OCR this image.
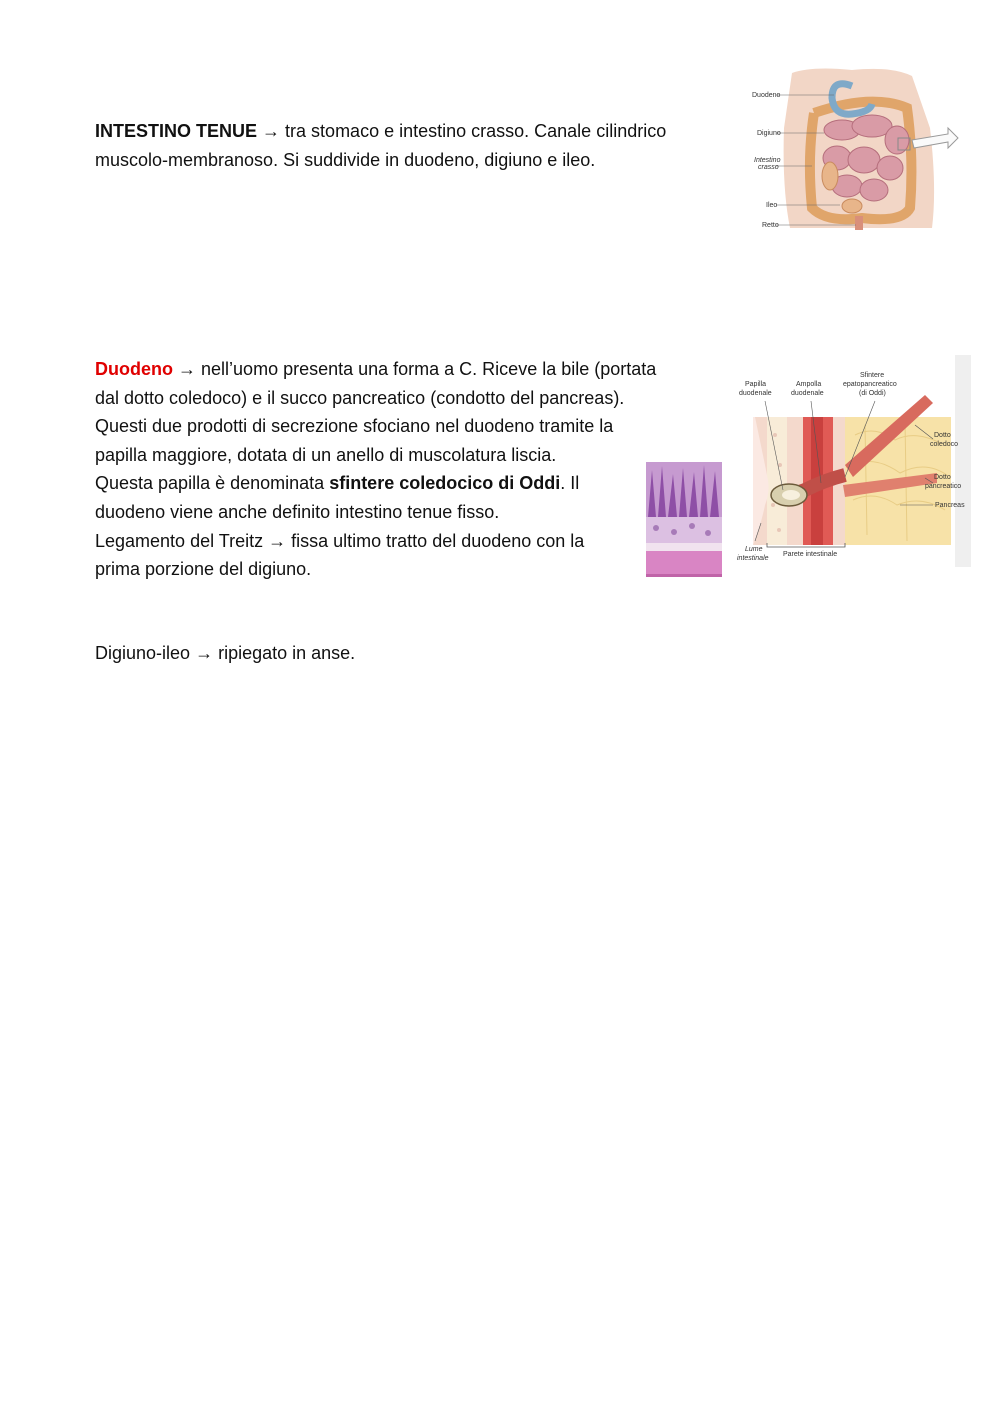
INTESTINO TENUE → tra stomaco e intestino crasso. Canale cilindrico
muscolo-membranoso. Si suddivide in duodeno, digiuno e ileo.

Duodeno
Digiuno
Intestino
crasso
Ileo
Retto

Duodeno → nell’uomo presenta una forma a C. Riceve la bile (portata
dal dotto coledoco) e il succo pancreatico (condotto del pancreas).
Questi due prodotti di secrezione sfociano nel duodeno tramite la
papilla maggiore, dotata di un anello di muscolatura liscia.
Questa papilla è denominata sfintere coledocico di Oddi. Il
duodeno viene anche definito intestino tenue fisso.
Legamento del Treitz → fissa ultimo tratto del duodeno con la
prima porzione del digiuno.

Papilla
duodenale
Ampolla
duodenale
Sfintere
epatopancreatico
(di Oddi)
Dotto
coledoco
Dotto
pancreatico
Pancreas
Lume
intestinale
Parete intestinale

Digiuno-ileo → ripiegato in anse.
